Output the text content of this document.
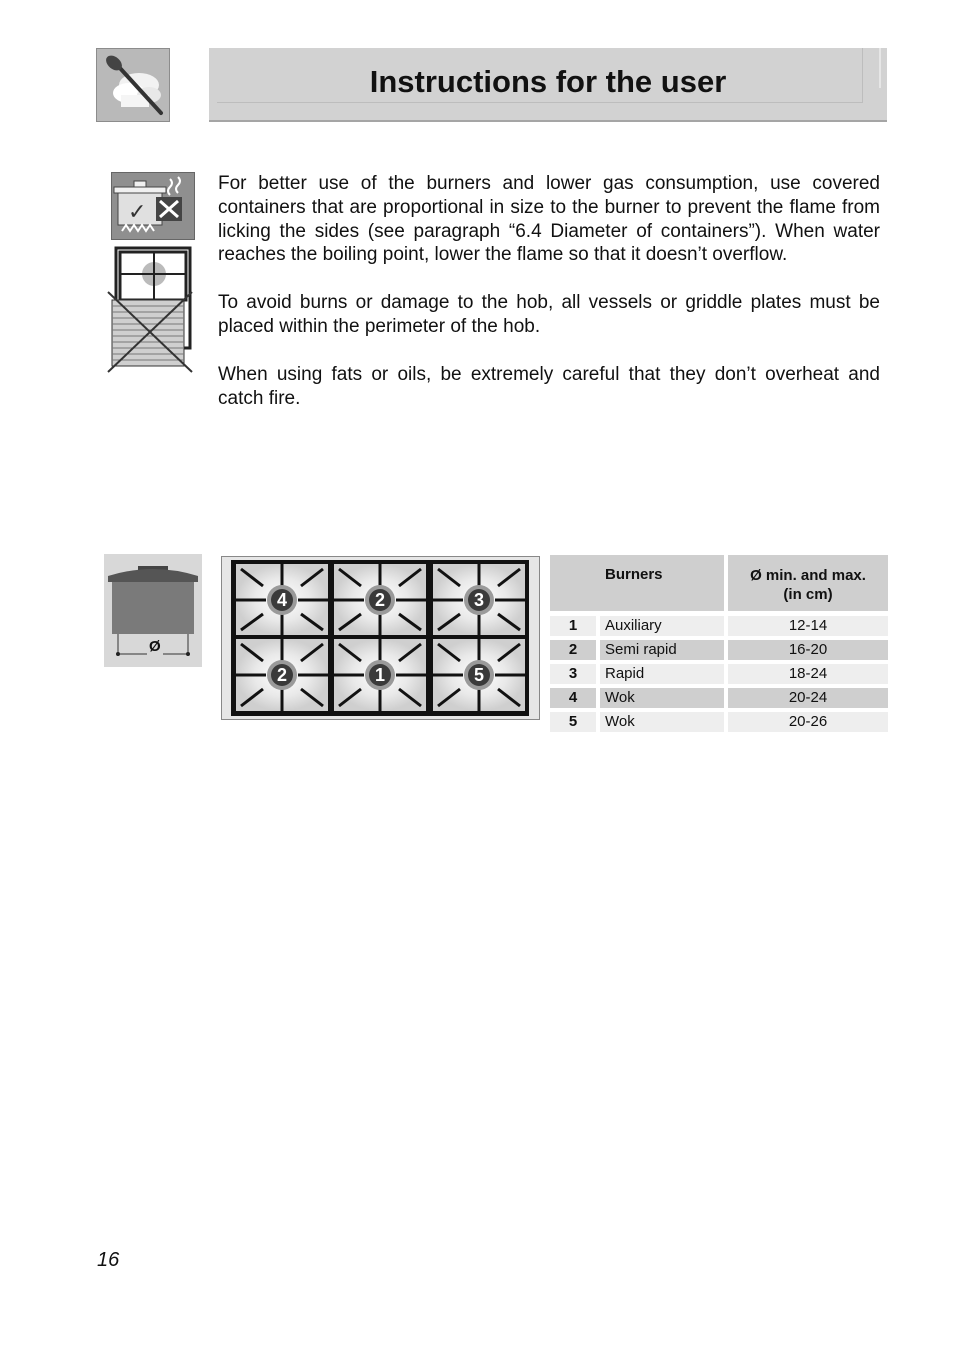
Instructions for the user
✓

For better use of the burners and lower gas consumption, use covered containers that are proportional in size to the burner to prevent the flame from licking the sides (see paragraph “6.4 Diameter of containers”). When water reaches the boiling point, lower the flame so that it doesn’t overflow.

To avoid burns or damage to the hob, all vessels or griddle plates must be placed within the perimeter of the hob.

When using fats or oils, be extremely careful that they don’t overheat and catch fire.

Ø
4	2	3
2	1	5
Burners	Ø min. and max.
(in cm)
1	Auxiliary	12-14
2	Semi rapid	16-20
3	Rapid	18-24
4	Wok	20-24
5	Wok	20-26
16
